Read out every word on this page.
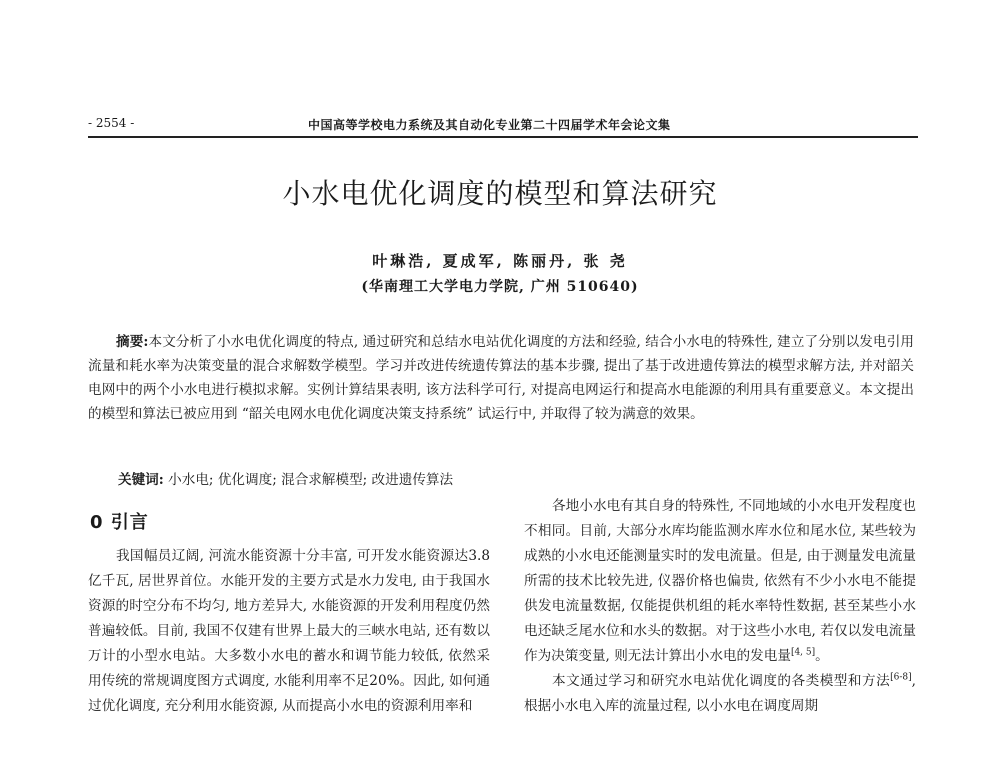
- 2554 -	中国高等学校电力系统及其自动化专业第二十四届学术年会论文集
小水电优化调度的模型和算法研究
叶琳浩, 夏成军, 陈丽丹, 张 尧
(华南理工大学电力学院, 广州 510640)
摘要:本文分析了小水电优化调度的特点, 通过研究和总结水电站优化调度的方法和经验, 结合小水电的特殊性, 建立了分别以发电引用流量和耗水率为决策变量的混合求解数学模型。学习并改进传统遗传算法的基本步骤, 提出了基于改进遗传算法的模型求解方法, 并对韶关电网中的两个小水电进行模拟求解。实例计算结果表明, 该方法科学可行, 对提高电网运行和提高水电能源的利用具有重要意义。本文提出的模型和算法已被应用到 “韶关电网水电优化调度决策支持系统” 试运行中, 并取得了较为满意的效果。
关键词: 小水电; 优化调度; 混合求解模型; 改进遗传算法
0 引言

我国幅员辽阔, 河流水能资源十分丰富, 可开发水能资源达3.8亿千瓦, 居世界首位。水能开发的主要方式是水力发电, 由于我国水资源的时空分布不均匀, 地方差异大, 水能资源的开发利用程度仍然普遍较低。目前, 我国不仅建有世界上最大的三峡水电站, 还有数以万计的小型水电站。大多数小水电的蓄水和调节能力较低, 依然采用传统的常规调度图方式调度, 水能利用率不足20%。因此, 如何通过优化调度, 充分利用水能资源, 从而提高小水电的资源利用率和

各地小水电有其自身的特殊性, 不同地域的小水电开发程度也不相同。目前, 大部分水库均能监测水库水位和尾水位, 某些较为成熟的小水电还能测量实时的发电流量。但是, 由于测量发电流量所需的技术比较先进, 仪器价格也偏贵, 依然有不少小水电不能提供发电流量数据, 仅能提供机组的耗水率特性数据, 甚至某些小水电还缺乏尾水位和水头的数据。对于这些小水电, 若仅以发电流量作为决策变量, 则无法计算出小水电的发电量[4, 5]。

本文通过学习和研究水电站优化调度的各类模型和方法[6-8], 根据小水电入库的流量过程, 以小水电在调度周期
